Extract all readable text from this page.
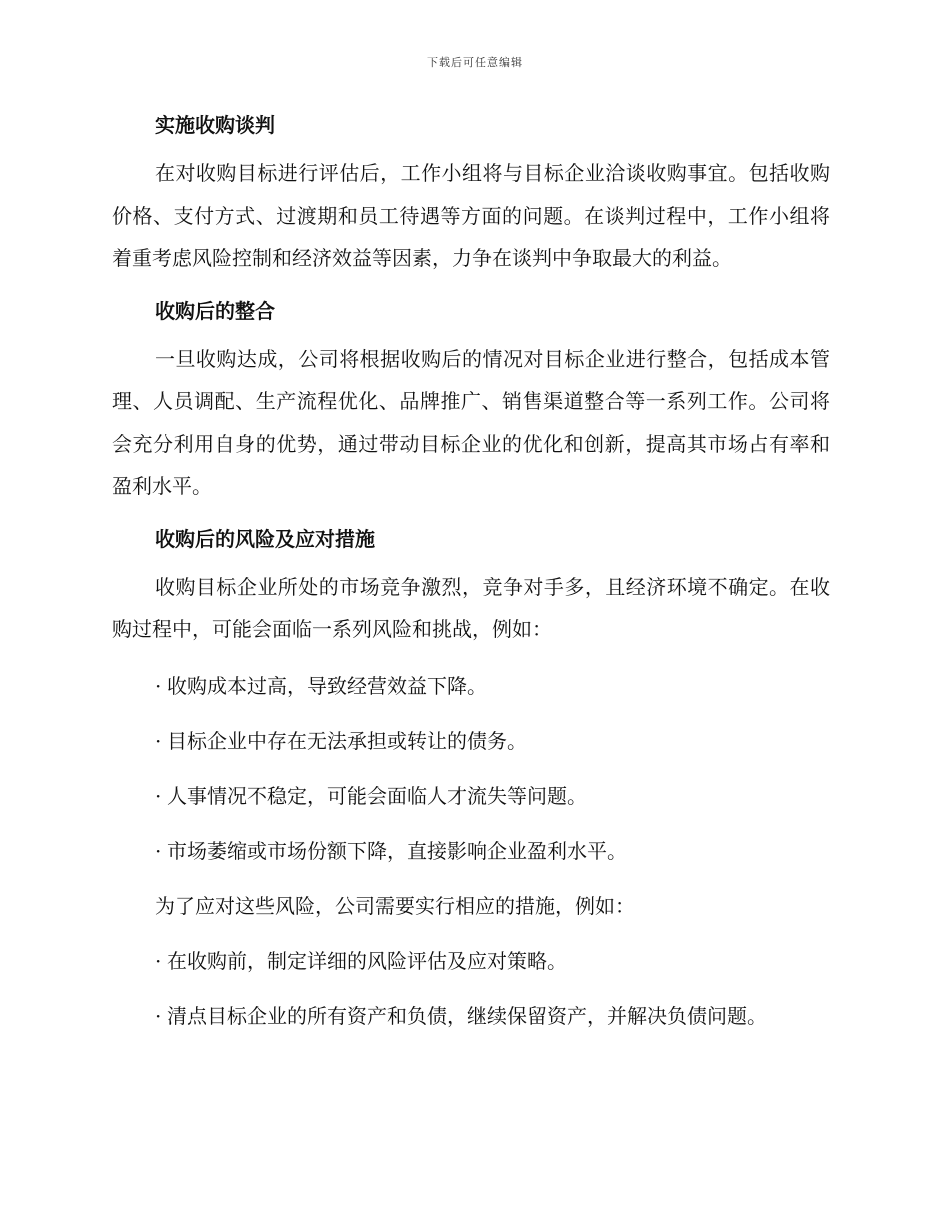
下载后可任意编辑
实施收购谈判

在对收购目标进行评估后，工作小组将与目标企业洽谈收购事宜。包括收购价格、支付方式、过渡期和员工待遇等方面的问题。在谈判过程中，工作小组将着重考虑风险控制和经济效益等因素，力争在谈判中争取最大的利益。

收购后的整合

一旦收购达成，公司将根据收购后的情况对目标企业进行整合，包括成本管理、人员调配、生产流程优化、品牌推广、销售渠道整合等一系列工作。公司将会充分利用自身的优势，通过带动目标企业的优化和创新，提高其市场占有率和盈利水平。

收购后的风险及应对措施

收购目标企业所处的市场竞争激烈，竞争对手多，且经济环境不确定。在收购过程中，可能会面临一系列风险和挑战，例如：

· 收购成本过高，导致经营效益下降。

· 目标企业中存在无法承担或转让的债务。

· 人事情况不稳定，可能会面临人才流失等问题。

· 市场萎缩或市场份额下降，直接影响企业盈利水平。

为了应对这些风险，公司需要实行相应的措施，例如：

· 在收购前，制定详细的风险评估及应对策略。

· 清点目标企业的所有资产和负债，继续保留资产，并解决负债问题。
